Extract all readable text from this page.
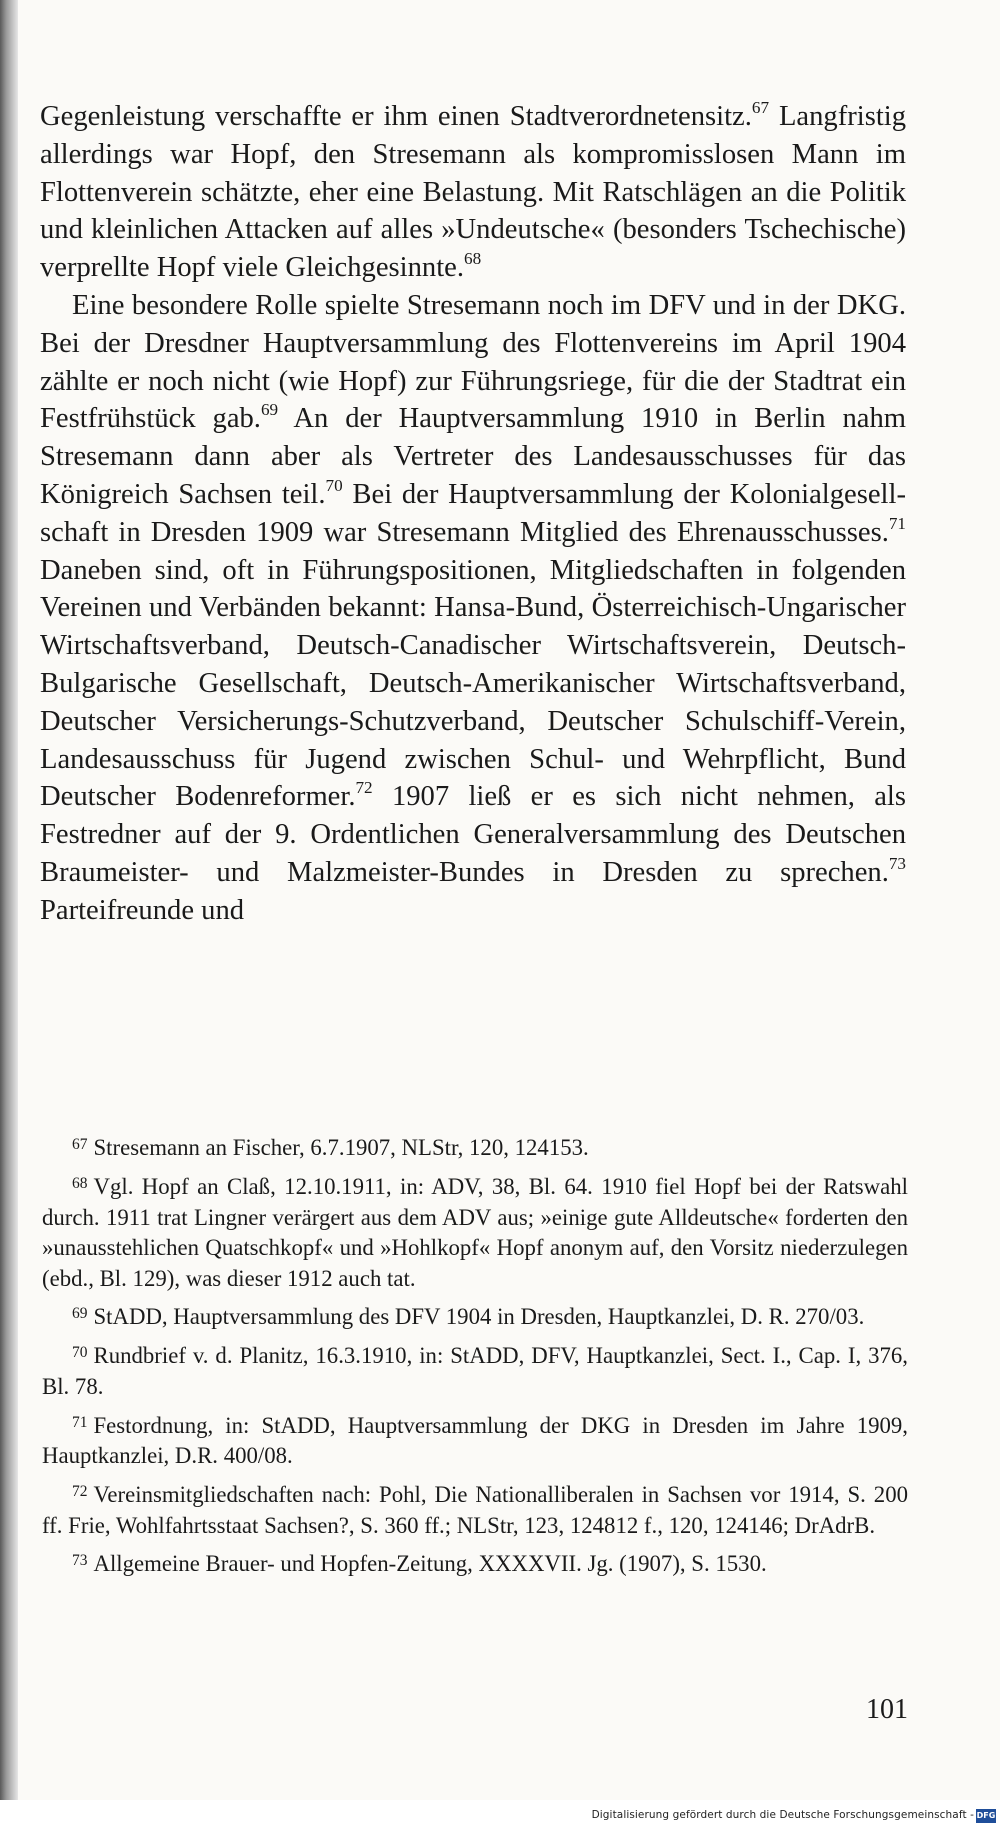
Gegenleistung verschaffte er ihm einen Stadtverordnetensitz.$^{67}$ Langfristig allerdings war Hopf, den Stresemann als kompromisslosen Mann im Flottenverein schätzte, eher eine Belastung. Mit Ratschlägen an die Politik und kleinlichen Attacken auf alles »Undeutsche« (besonders Tschechische) verprellte Hopf viele Gleichgesinnte.$^{68}$

Eine besondere Rolle spielte Stresemann noch im DFV und in der DKG. Bei der Dresdner Hauptversammlung des Flottenvereins im April 1904 zählte er noch nicht (wie Hopf) zur Führungsriege, für die der Stadtrat ein Festfrühstück gab.$^{69}$ An der Hauptversammlung 1910 in Berlin nahm Stresemann dann aber als Vertreter des Landesausschusses für das Königreich Sachsen teil.$^{70}$ Bei der Hauptversammlung der Kolonialgesellschaft in Dresden 1909 war Stresemann Mitglied des Ehrenausschusses.$^{71}$ Daneben sind, oft in Führungspositionen, Mitgliedschaften in folgenden Vereinen und Verbänden bekannt: Hansa-Bund, Österreichisch-Ungarischer Wirtschaftsverband, Deutsch-Canadischer Wirtschaftsverein, Deutsch-Bulgarische Gesellschaft, Deutsch-Amerikanischer Wirtschaftsverband, Deutscher Versicherungs-Schutzverband, Deutscher Schulschiff-Verein, Landesausschuss für Jugend zwischen Schul- und Wehrpflicht, Bund Deutscher Bodenreformer.$^{72}$ 1907 ließ er es sich nicht nehmen, als Festredner auf der 9. Ordentlichen Generalversammlung des Deutschen Braumeister- und Malzmeister-Bundes in Dresden zu sprechen.$^{73}$ Parteifreunde und

$^{67}$ Stresemann an Fischer, 6.7.1907, NLStr, 120, 124153.
$^{68}$ Vgl. Hopf an Claß, 12.10.1911, in: ADV, 38, Bl. 64. 1910 fiel Hopf bei der Ratswahl durch. 1911 trat Lingner verärgert aus dem ADV aus; »einige gute Alldeutsche« forderten den »unausstehlichen Quatschkopf« und »Hohlkopf« Hopf anonym auf, den Vorsitz niederzulegen (ebd., Bl. 129), was dieser 1912 auch tat.
$^{69}$ StADD, Hauptversammlung des DFV 1904 in Dresden, Hauptkanzlei, D. R. 270/03.
$^{70}$ Rundbrief v. d. Planitz, 16.3.1910, in: StADD, DFV, Hauptkanzlei, Sect. I., Cap. I, 376, Bl. 78.
$^{71}$ Festordnung, in: StADD, Hauptversammlung der DKG in Dresden im Jahre 1909, Hauptkanzlei, D.R. 400/08.
$^{72}$ Vereinsmitgliedschaften nach: Pohl, Die Nationalliberalen in Sachsen vor 1914, S. 200 ff. Frie, Wohlfahrtsstaat Sachsen?, S. 360 ff.; NLStr, 123, 124812 f., 120, 124146; DrAdrB.
$^{73}$ Allgemeine Brauer- und Hopfen-Zeitung, XXXXVII. Jg. (1907), S. 1530.
101
Digitalisierung gefördert durch die Deutsche Forschungsgemeinschaft - DFG
